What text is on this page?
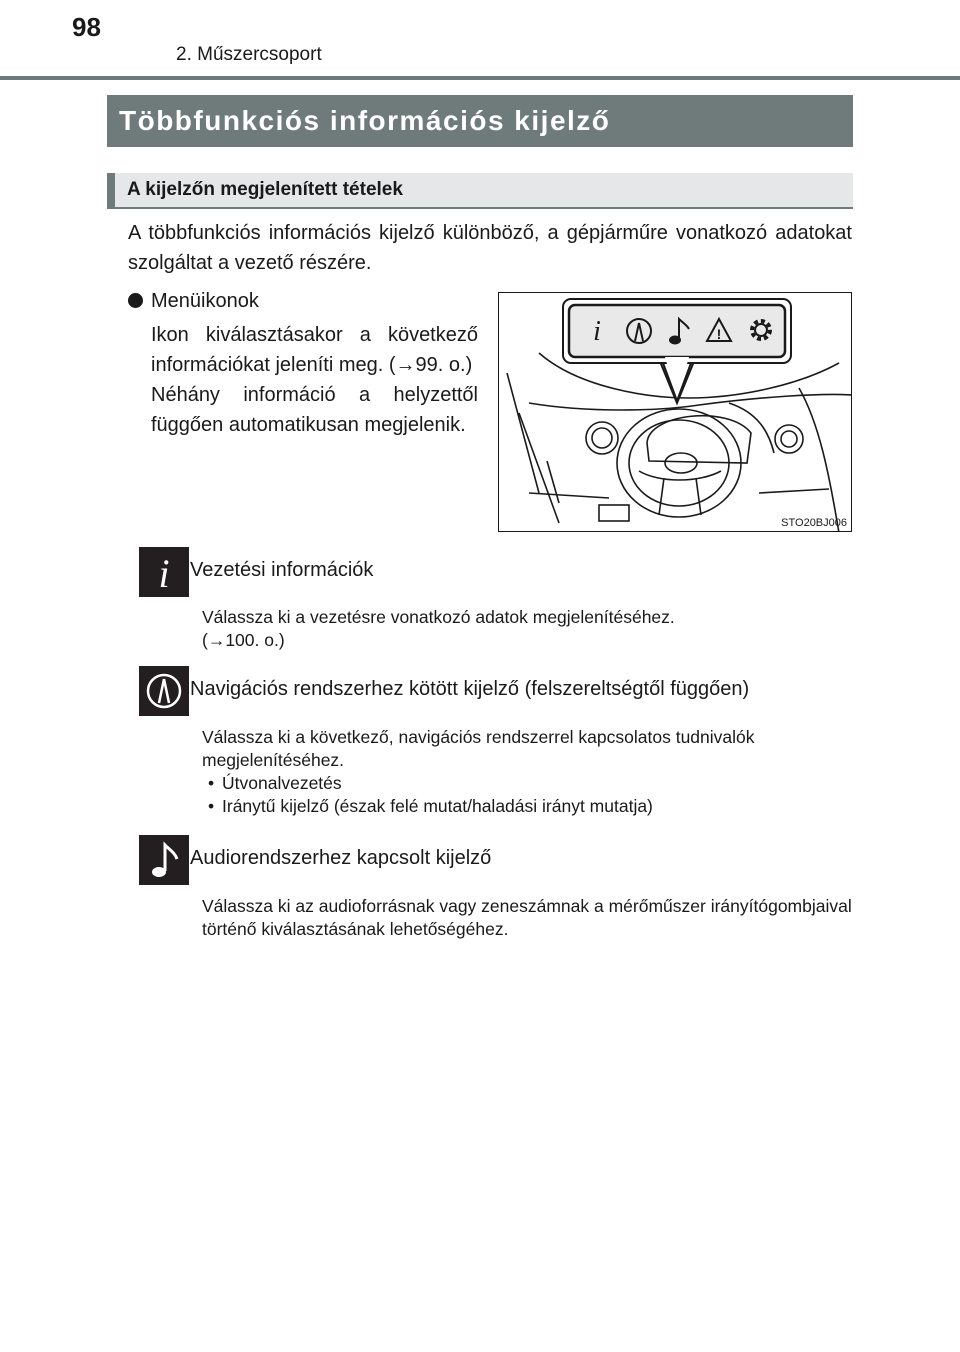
98
2. Műszercsoport
Többfunkciós információs kijelző
A kijelzőn megjelenített tételek

A többfunkciós információs kijelző különböző, a gépjárműre vonatkozó adatokat szolgáltat a vezető részére.

Menüikonok

Ikon kiválasztásakor a következő információkat jeleníti meg. (→99. o.)

Néhány információ a helyzettől függően automatikusan megjelenik.

i	!
STO20BJ006
i Vezetési információk

Válassza ki a vezetésre vonatkozó adatok megjelenítéséhez.

(→100. o.)

Navigációs rendszerhez kötött kijelző (felszereltségtől függően)

Válassza ki a következő, navigációs rendszerrel kapcsolatos tudnivalók megjelenítéséhez.

• Útvonalvezetés

• Iránytű kijelző (észak felé mutat/haladási irányt mutatja)

Audiorendszerhez kapcsolt kijelző

Válassza ki az audioforrásnak vagy zeneszámnak a mérőműszer irányítógombjaival történő kiválasztásának lehetőségéhez.
